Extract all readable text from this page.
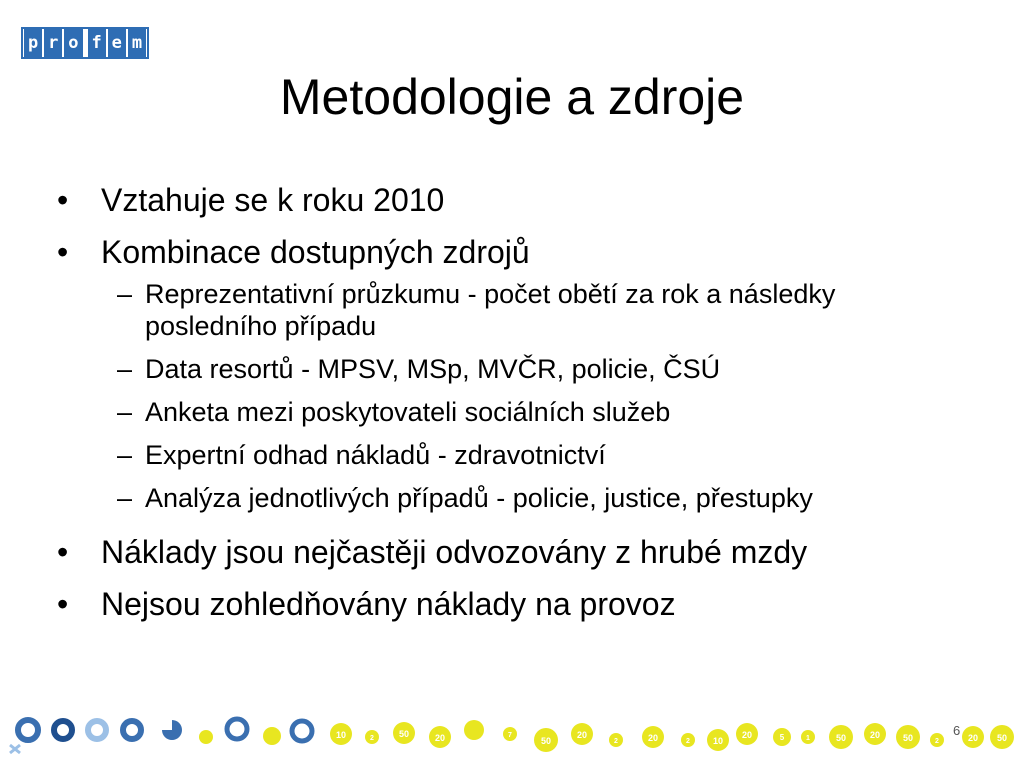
p r o f e m
Metodologie a zdroje
•	Vztahuje se k roku 2010
•	Kombinace dostupných zdrojů
– Reprezentativní průzkumu - počet obětí za rok a následky posledního případu
– Data resortů - MPSV, MSp, MVČR, policie, ČSÚ
– Anketa mezi poskytovateli sociálních služeb
– Expertní odhad nákladů - zdravotnictví
– Analýza jednotlivých případů - policie, justice, přestupky
•	Náklady jsou nejčastěji odvozovány z hrubé mzdy
•	Nejsou zohledňovány náklady na provoz
10	2	50	20	7
50
20
2	20	2	10
20	5	1	50	20	50	2	20 50
6
